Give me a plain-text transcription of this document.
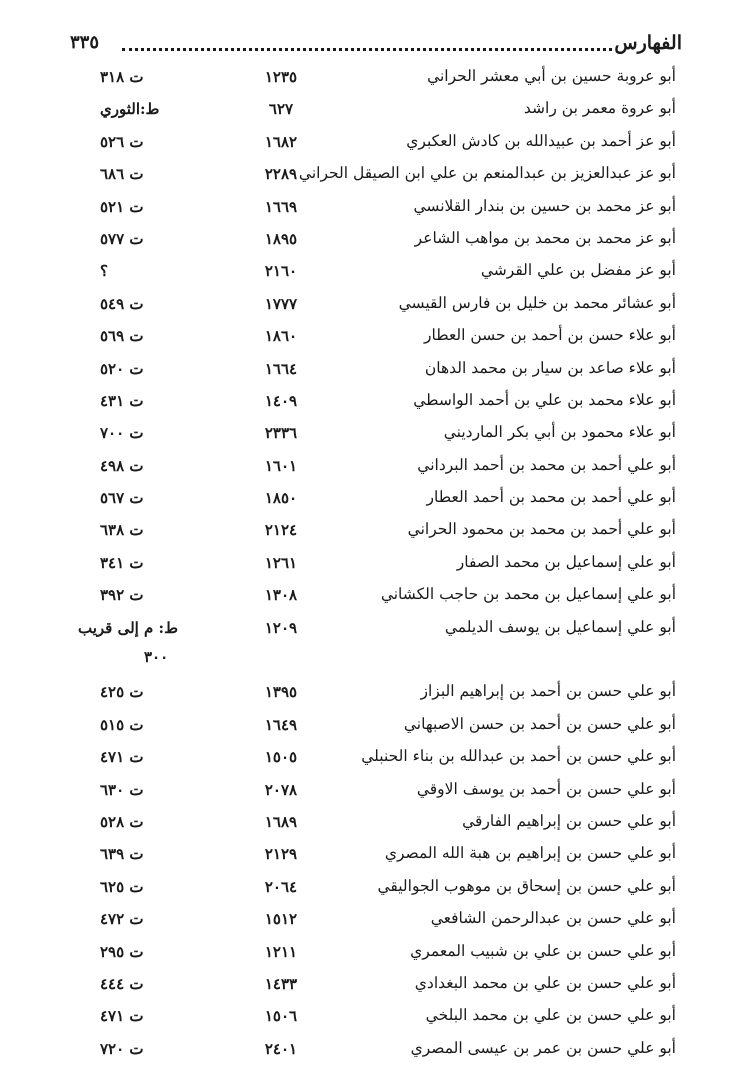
الفهارس
٣٣٥
أبو عروبة حسين بن أبي معشر الحراني
١٢٣٥
ت ٣١٨
أبو عروة معمر بن راشد
٦٢٧
ط:الثوري
أبو عز أحمد بن عبيدالله بن كادش العكبري
١٦٨٢
ت ٥٢٦
أبو عز عبدالعزيز بن عبدالمنعم بن علي ابن الصيقل الحراني
٢٢٨٩
ت ٦٨٦
أبو عز محمد بن حسين بن بندار القلانسي
١٦٦٩
ت ٥٢١
أبو عز محمد بن محمد بن مواهب الشاعر
١٨٩٥
ت ٥٧٧
أبو عز مفضل بن علي القرشي
٢١٦٠
؟
أبو عشائر محمد بن خليل بن فارس القيسي
١٧٧٧
ت ٥٤٩
أبو علاء حسن بن أحمد بن حسن العطار
١٨٦٠
ت ٥٦٩
أبو علاء صاعد بن سيار بن محمد الدهان
١٦٦٤
ت ٥٢٠
أبو علاء محمد بن علي بن أحمد الواسطي
١٤٠٩
ت ٤٣١
أبو علاء محمود بن أبي بكر المارديني
٢٣٣٦
ت ٧٠٠
أبو علي أحمد بن محمد بن أحمد البرداني
١٦٠١
ت ٤٩٨
أبو علي أحمد بن محمد بن أحمد العطار
١٨٥٠
ت ٥٦٧
أبو علي أحمد بن محمد بن محمود الحراني
٢١٢٤
ت ٦٣٨
أبو علي إسماعيل بن محمد الصفار
١٢٦١
ت ٣٤١
أبو علي إسماعيل بن محمد بن حاجب الكشاني
١٣٠٨
ت ٣٩٢
أبو علي إسماعيل بن يوسف الديلمي
١٢٠٩
ط: م إلى قريب
٣٠٠
أبو علي حسن بن أحمد بن إبراهيم البزاز
١٣٩٥
ت ٤٢٥
أبو علي حسن بن أحمد بن حسن الاصبهاني
١٦٤٩
ت ٥١٥
أبو علي حسن بن أحمد بن عبدالله بن بناء الحنبلي
١٥٠٥
ت ٤٧١
أبو علي حسن بن أحمد بن يوسف الاوقي
٢٠٧٨
ت ٦٣٠
أبو علي حسن بن إبراهيم الفارقي
١٦٨٩
ت ٥٢٨
أبو علي حسن بن إبراهيم بن هبة الله المصري
٢١٢٩
ت ٦٣٩
أبو علي حسن بن إسحاق بن موهوب الجواليقي
٢٠٦٤
ت ٦٢٥
أبو علي حسن بن عبدالرحمن الشافعي
١٥١٢
ت ٤٧٢
أبو علي حسن بن علي بن شبيب المعمري
١٢١١
ت ٢٩٥
أبو علي حسن بن علي بن محمد البغدادي
١٤٣٣
ت ٤٤٤
أبو علي حسن بن علي بن محمد البلخي
١٥٠٦
ت ٤٧١
أبو علي حسن بن عمر بن عيسى المصري
٢٤٠١
ت ٧٢٠
